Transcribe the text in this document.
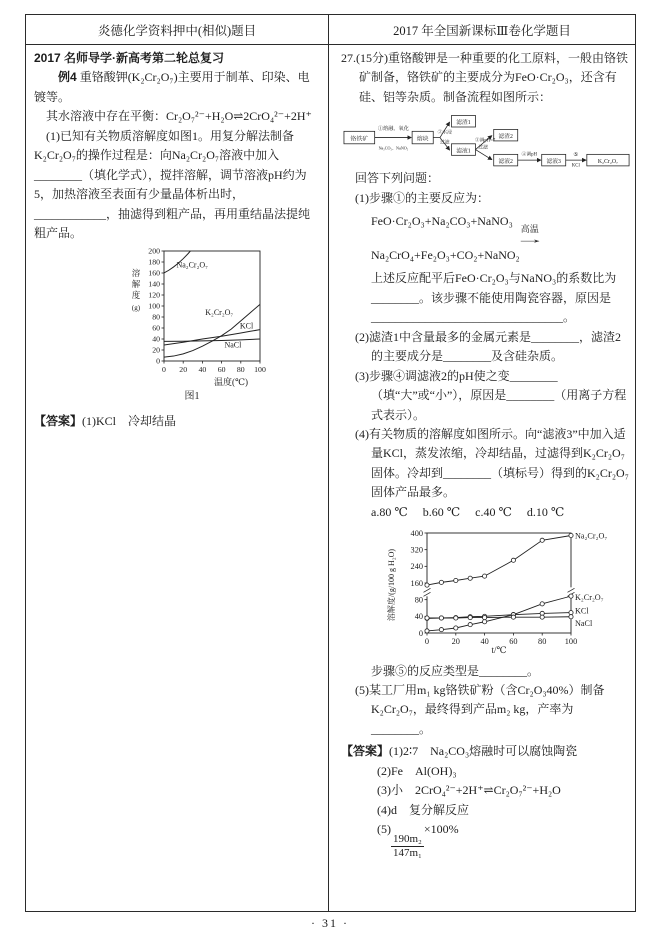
炎德化学资料押中(相似)题目	2017 年全国新课标Ⅲ卷化学题目

2017 名师导学·新高考第二轮总复习

例4 重铬酸钾(K₂Cr₂O₇)主要用于制革、印染、电镀等。

其水溶液中存在平衡：Cr₂O₇²⁻+H₂O⇌2CrO₄²⁻+2H⁺

(1)已知有关物质溶解度如图1。用复分解法制备K₂Cr₂O₇的操作过程是：向Na₂Cr₂O₇溶液中加入________（填化学式），搅拌溶解，调节溶液pH约为5，加热溶液至表面有少量晶体析出时，____________，抽滤得到粗产品，再用重结晶法提纯粗产品。

0
20
40
60
80
100
120
140
160
180
200
0 20 40 60 80 100
Na₂Cr₂O₇
K₂Cr₂O₇
KCl
NaCl
溶
解
度
(g)
温度(℃)
图1

【答案】(1)KCl　冷却结晶

27.(15分)重铬酸钾是一种重要的化工原料，一般由铬铁矿制备，铬铁矿的主要成分为FeO·Cr₂O₃，还含有硅、铝等杂质。制备流程如图所示：

铬铁矿
①熔融、氧化
Na₂CO₃、NaNO₃
熔块
②水浸
过滤
滤渣1
滤液1
③调pH=7
过滤
滤渣2
滤液2
④调pH
滤液3
⑤
KCl
K₂Cr₂O₇

回答下列问题：

(1)步骤①的主要反应为：

FeO·Cr₂O₃+Na₂CO₃+NaNO₃
高温
→
Na₂CrO₄+Fe₂O₃+CO₂+NaNO₂

上述反应配平后FeO·Cr₂O₃与NaNO₃的系数比为________。该步骤不能使用陶瓷容器，原因是________________________________。

(2)滤渣1中含量最多的金属元素是________，滤渣2的主要成分是________及含硅杂质。

(3)步骤④调滤液2的pH使之变________（填“大”或“小”），原因是________（用离子方程式表示）。

(4)有关物质的溶解度如图所示。向“滤液3”中加入适量KCl，蒸发浓缩，冷却结晶，过滤得到K₂Cr₂O₇固体。冷却到________（填标号）得到的K₂Cr₂O₇固体产品最多。

a.80 ℃　 b.60 ℃　 c.40 ℃　 d.10 ℃

0
40
80
160
240
320
400
0	20 40 60 80 100
Na₂Cr₂O₇
K₂Cr₂O₇
KCl
NaCl
溶解度/(g/100 g H₂O)
t/℃

步骤⑤的反应类型是________。

(5)某工厂用m₁ kg铬铁矿粉（含Cr₂O₃40%）制备K₂Cr₂O₇，最终得到产品m₂ kg，产率为________。

【答案】(1)2∶7　Na₂CO₃熔融时可以腐蚀陶瓷

(2)Fe　Al(OH)₃

(3)小　2CrO₄²⁻+2H⁺⇌Cr₂O₇²⁻+H₂O

(4)d　复分解反应

(5)
$\frac{\text{190m₂}}{\text{147m₁}}$
×100%

· 31 ·
